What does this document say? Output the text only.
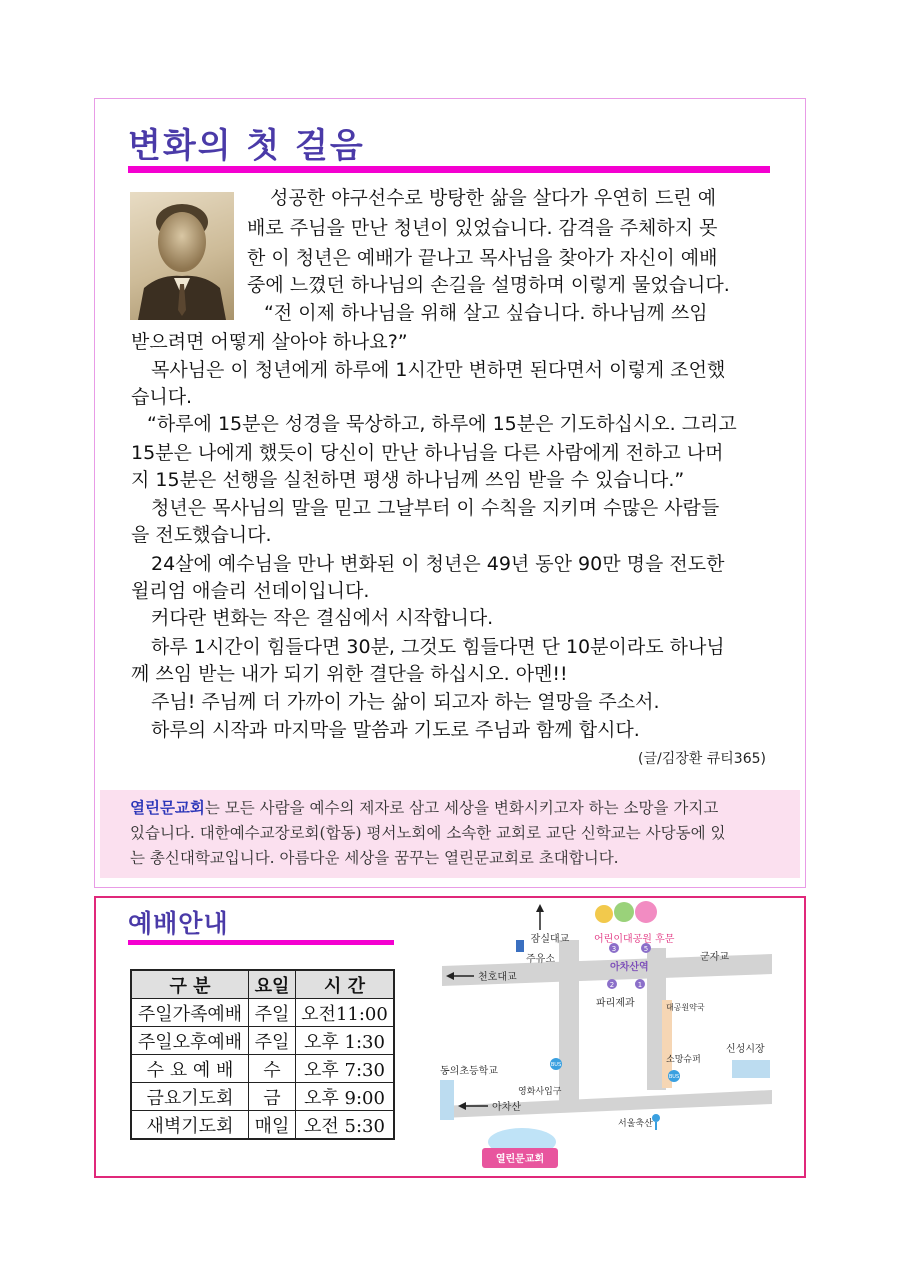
변화의 첫 걸음
성공한 야구선수로 방탕한 삶을 살다가 우연히 드린 예
배로 주님을 만난 청년이 있었습니다. 감격을 주체하지 못
한 이 청년은 예배가 끝나고 목사님을 찾아가 자신이 예배
중에 느꼈던 하나님의 손길을 설명하며 이렇게 물었습니다.
“전 이제 하나님을 위해 살고 싶습니다. 하나님께 쓰임
받으려면 어떻게 살아야 하나요?”
목사님은 이 청년에게 하루에 1시간만 변하면 된다면서 이렇게 조언했
습니다.
“하루에 15분은 성경을 묵상하고, 하루에 15분은 기도하십시오. 그리고
15분은 나에게 했듯이 당신이 만난 하나님을 다른 사람에게 전하고 나머
지 15분은 선행을 실천하면 평생 하나님께 쓰임 받을 수 있습니다.”
청년은 목사님의 말을 믿고 그날부터 이 수칙을 지키며 수많은 사람들
을 전도했습니다.
24살에 예수님을 만나 변화된 이 청년은 49년 동안 90만 명을 전도한
윌리엄 애슬리 선데이입니다.
커다란 변화는 작은 결심에서 시작합니다.
하루 1시간이 힘들다면 30분, 그것도 힘들다면 단 10분이라도 하나님
께 쓰임 받는 내가 되기 위한 결단을 하십시오. 아멘!!
주님! 주님께 더 가까이 가는 삶이 되고자 하는 열망을 주소서.
하루의 시작과 마지막을 말씀과 기도로 주님과 함께 합시다.
(글/김장환 큐티365)
열린문교회는 모든 사람을 예수의 제자로 삼고 세상을 변화시키고자 하는 소망을 가지고
있습니다. 대한예수교장로회(합동) 평서노회에 소속한 교회로 교단 신학교는 사당동에 있
는 총신대학교입니다. 아름다운 세상을 꿈꾸는 열린문교회로 초대합니다.
예배안내
구 분	요일	시 간
주일가족예배	주일	오전11:00
주일오후예배	주일	오후 1:30
수 요 예 배	수	오후 7:30
금요기도회	금	오후 9:00
새벽기도회	매일	오전 5:30
3	5
2	1
BUS
BUS
잠실대교 어린이대공원 후문
주유소
천호대교
아차산역
군자교
파리제과	대공원약국
신성시장
동의초등학교
소망슈퍼
영화사입구
아차산
서울축산
열린문교회
